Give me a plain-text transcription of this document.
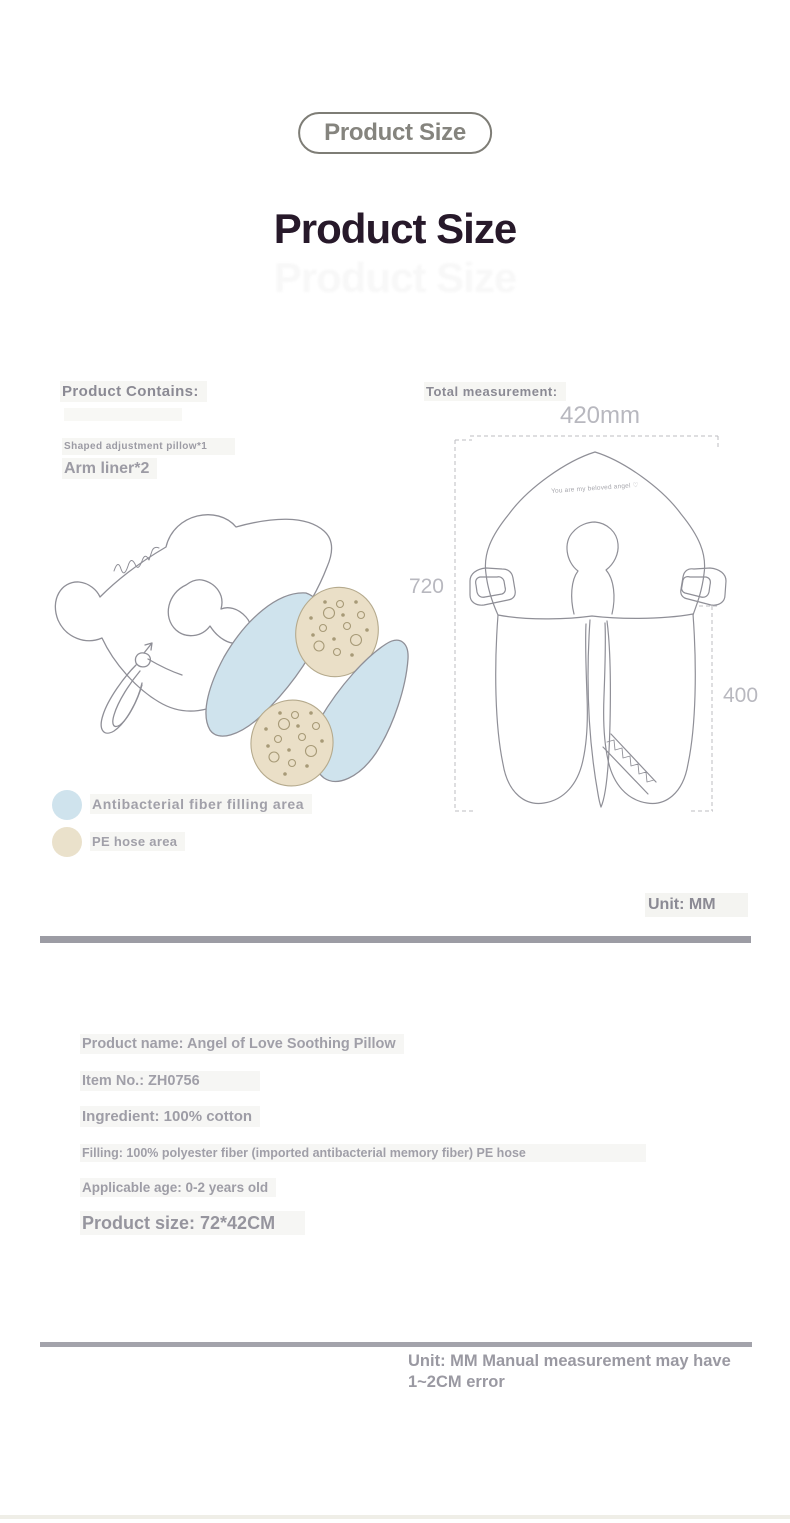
Product Size
Product Size
Product Size
Product Contains:
Shaped adjustment pillow*1
Arm liner*2
Antibacterial fiber filling area
PE hose area
Total measurement:
420mm
720
400
You are my beloved angel ♡
Unit: MM
Product name: Angel of Love Soothing Pillow
Item No.: ZH0756
Ingredient: 100% cotton
Filling: 100% polyester fiber (imported antibacterial memory fiber) PE hose
Applicable age: 0-2 years old
Product size: 72*42CM
Unit: MM Manual measurement may have 1~2CM error
